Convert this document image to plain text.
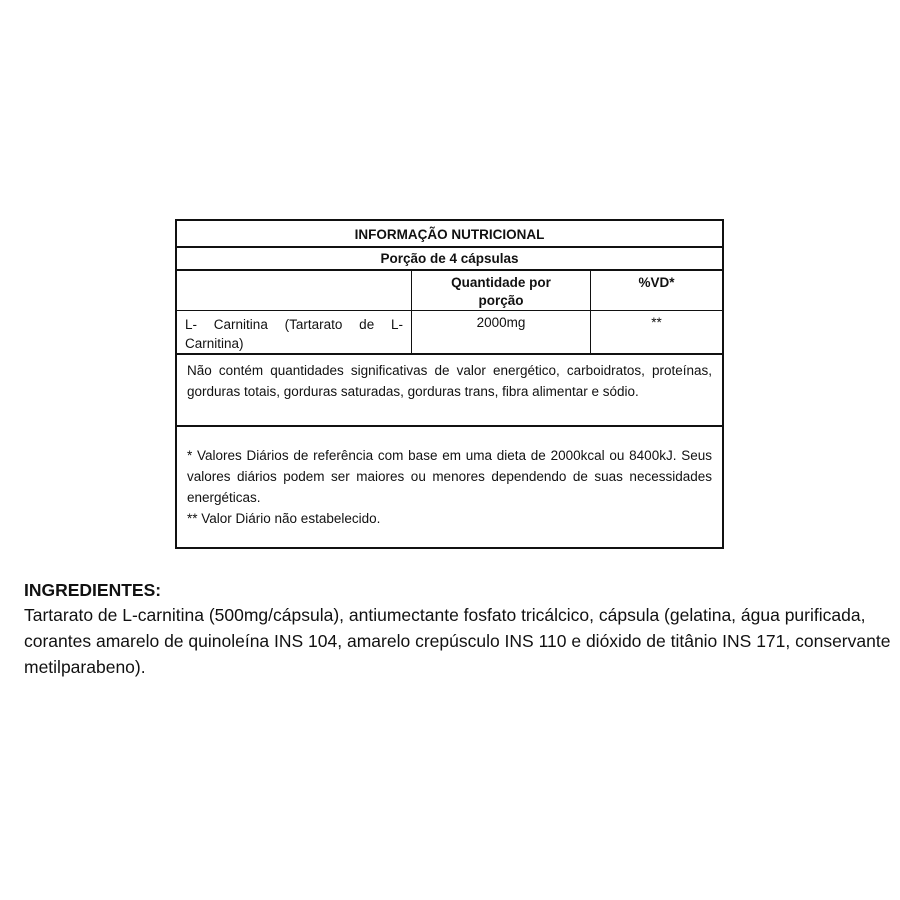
INFORMAÇÃO NUTRICIONAL
Porção de 4 cápsulas
Quantidade por
porção
%VD*
L- Carnitina (Tartarato de L-
Carnitina)
2000mg	**
Não contém quantidades significativas de valor energético, carboidratos, proteínas, gorduras totais, gorduras saturadas, gorduras trans, fibra alimentar e sódio.

* Valores Diários de referência com base em uma dieta de 2000kcal ou 8400kJ. Seus valores diários podem ser maiores ou menores dependendo de suas necessidades energéticas.

** Valor Diário não estabelecido.

INGREDIENTES:

Tartarato de L-carnitina (500mg/cápsula), antiumectante fosfato tricálcico, cápsula (gelatina, água purificada, corantes amarelo de quinoleína INS 104, amarelo crepúsculo INS 110 e dióxido de titânio INS 171, conservante metilparabeno).
